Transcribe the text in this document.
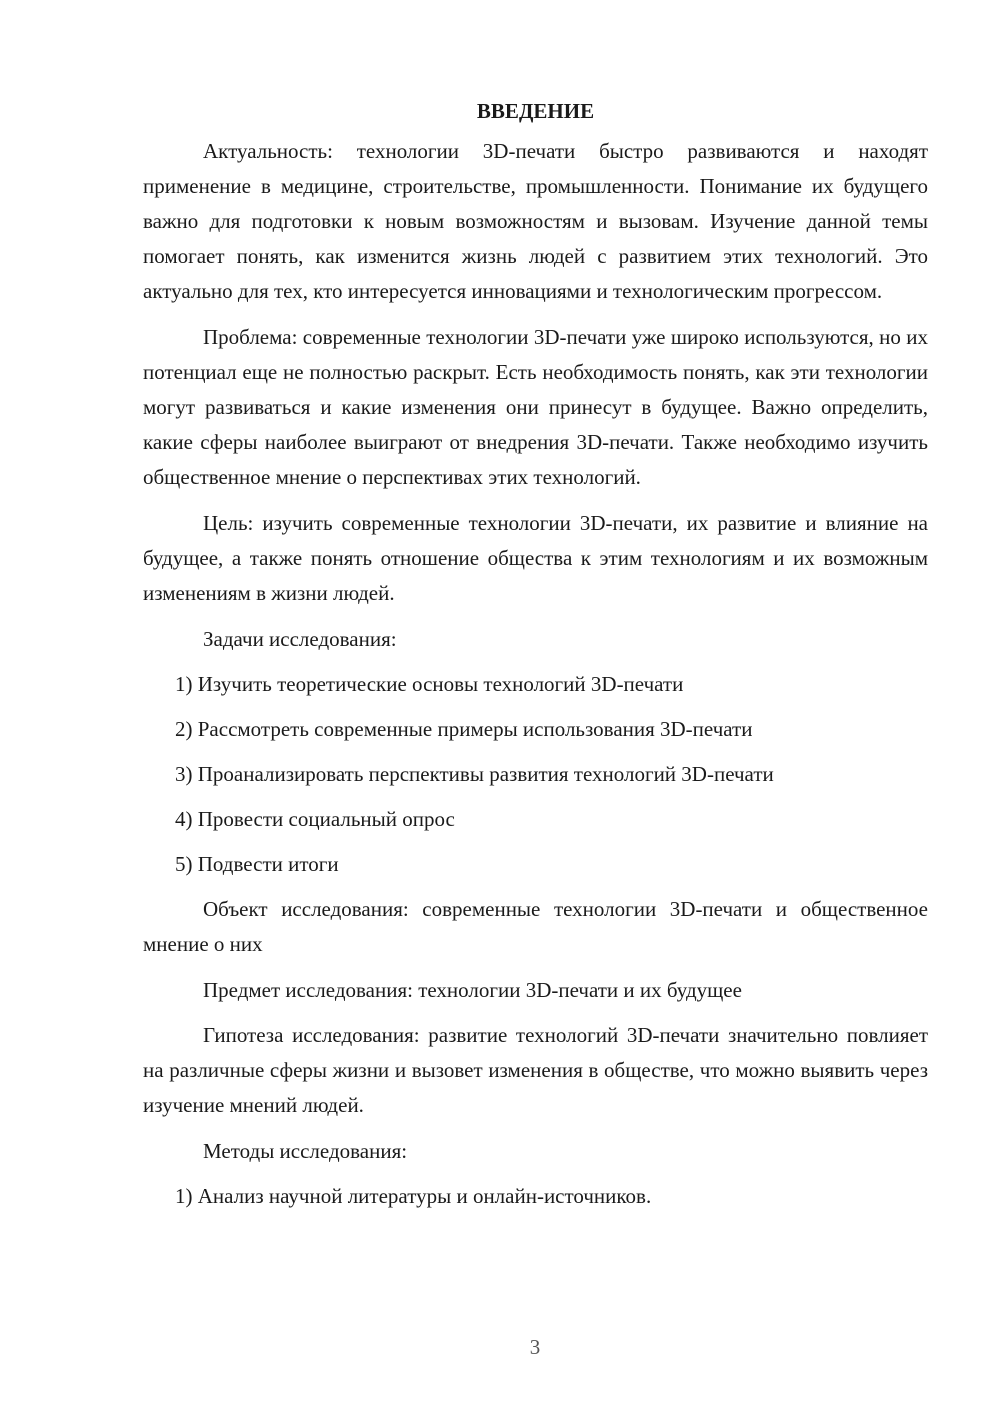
ВВЕДЕНИЕ

Актуальность: технологии 3D-печати быстро развиваются и находят применение в медицине, строительстве, промышленности. Понимание их будущего важно для подготовки к новым возможностям и вызовам. Изучение данной темы помогает понять, как изменится жизнь людей с развитием этих технологий. Это актуально для тех, кто интересуется инновациями и технологическим прогрессом.

Проблема: современные технологии 3D-печати уже широко используются, но их потенциал еще не полностью раскрыт. Есть необходимость понять, как эти технологии могут развиваться и какие изменения они принесут в будущее. Важно определить, какие сферы наиболее выиграют от внедрения 3D-печати. Также необходимо изучить общественное мнение о перспективах этих технологий.

Цель: изучить современные технологии 3D-печати, их развитие и влияние на будущее, а также понять отношение общества к этим технологиям и их возможным изменениям в жизни людей.

Задачи исследования:
1) Изучить теоретические основы технологий 3D-печати
2) Рассмотреть современные примеры использования 3D-печати
3) Проанализировать перспективы развития технологий 3D-печати
4) Провести социальный опрос
5) Подвести итоги

Объект исследования: современные технологии 3D-печати и общественное мнение о них

Предмет исследования: технологии 3D-печати и их будущее

Гипотеза исследования: развитие технологий 3D-печати значительно повлияет на различные сферы жизни и вызовет изменения в обществе, что можно выявить через изучение мнений людей.

Методы исследования:
1) Анализ научной литературы и онлайн-источников.
3
